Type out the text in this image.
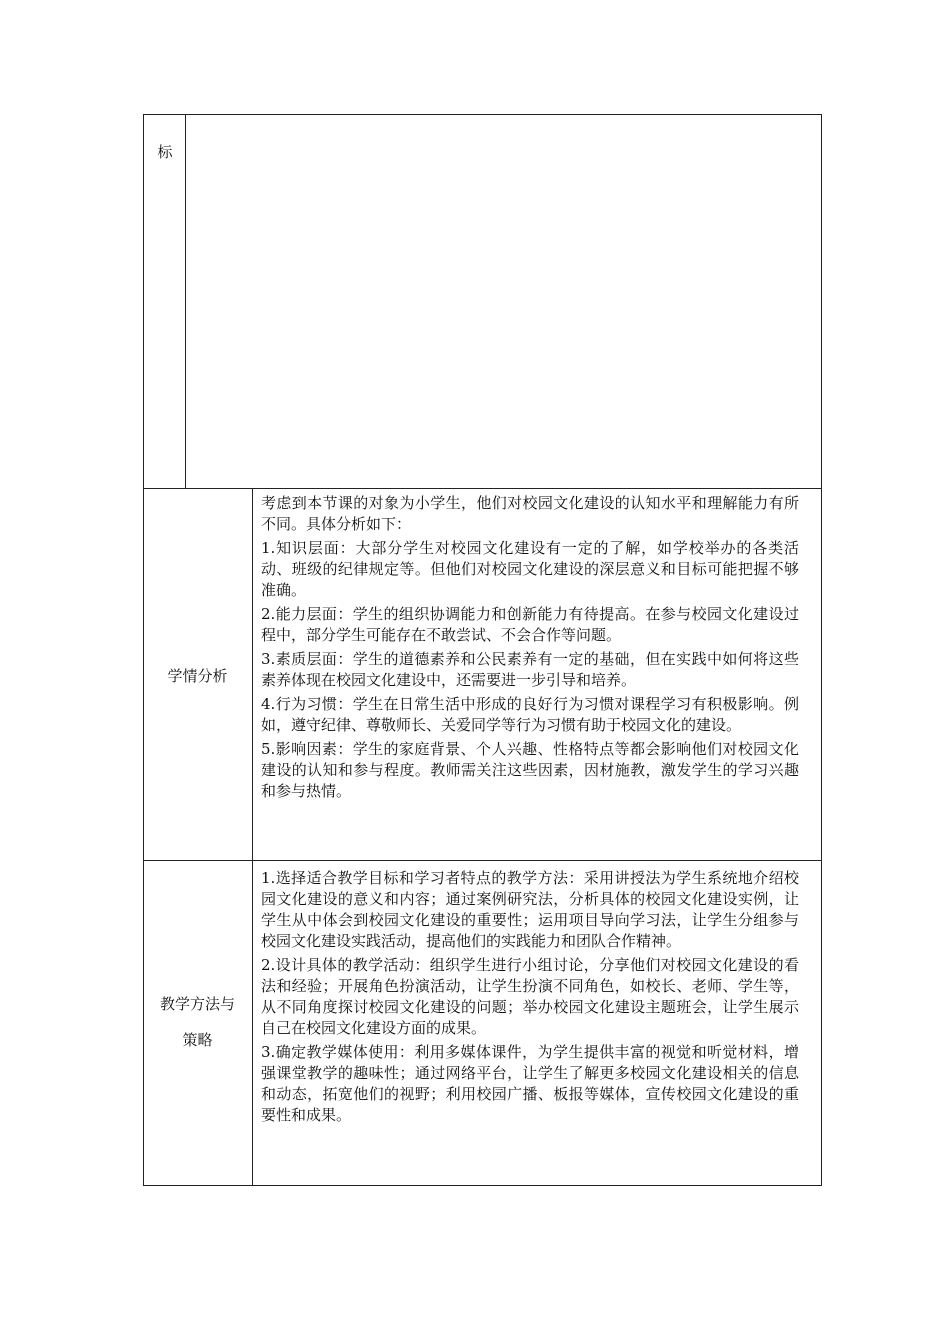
标
学情分析

考虑到本节课的对象为小学生，他们对校园文化建设的认知水平和理解能力有所不同。具体分析如下：

1.知识层面：大部分学生对校园文化建设有一定的了解，如学校举办的各类活动、班级的纪律规定等。但他们对校园文化建设的深层意义和目标可能把握不够准确。

2.能力层面：学生的组织协调能力和创新能力有待提高。在参与校园文化建设过程中，部分学生可能存在不敢尝试、不会合作等问题。

3.素质层面：学生的道德素养和公民素养有一定的基础，但在实践中如何将这些素养体现在校园文化建设中，还需要进一步引导和培养。

4.行为习惯：学生在日常生活中形成的良好行为习惯对课程学习有积极影响。例如，遵守纪律、尊敬师长、关爱同学等行为习惯有助于校园文化的建设。

5.影响因素：学生的家庭背景、个人兴趣、性格特点等都会影响他们对校园文化建设的认知和参与程度。教师需关注这些因素，因材施教，激发学生的学习兴趣和参与热情。

教学方法与
策略

1.选择适合教学目标和学习者特点的教学方法：采用讲授法为学生系统地介绍校园文化建设的意义和内容；通过案例研究法，分析具体的校园文化建设实例，让学生从中体会到校园文化建设的重要性；运用项目导向学习法，让学生分组参与校园文化建设实践活动，提高他们的实践能力和团队合作精神。

2.设计具体的教学活动：组织学生进行小组讨论，分享他们对校园文化建设的看法和经验；开展角色扮演活动，让学生扮演不同角色，如校长、老师、学生等，从不同角度探讨校园文化建设的问题；举办校园文化建设主题班会，让学生展示自己在校园文化建设方面的成果。

3.确定教学媒体使用：利用多媒体课件，为学生提供丰富的视觉和听觉材料，增强课堂教学的趣味性；通过网络平台，让学生了解更多校园文化建设相关的信息和动态，拓宽他们的视野；利用校园广播、板报等媒体，宣传校园文化建设的重要性和成果。
